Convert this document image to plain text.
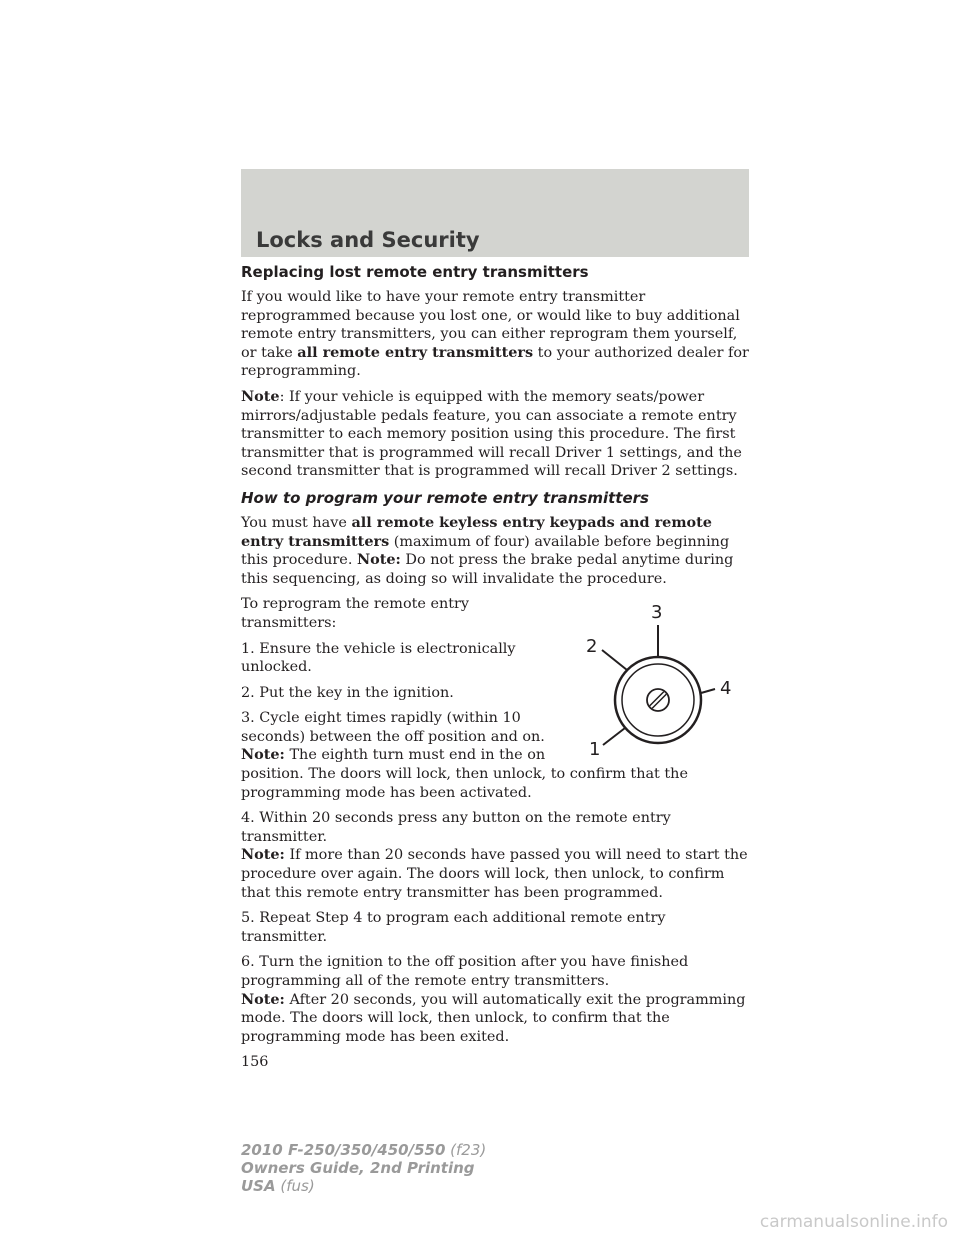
Locks and Security
Replacing lost remote entry transmitters

If you would like to have your remote entry transmitter reprogrammed because you lost one, or would like to buy additional remote entry transmitters, you can either reprogram them yourself, or take all remote entry transmitters to your authorized dealer for reprogramming.

Note: If your vehicle is equipped with the memory seats/power mirrors/adjustable pedals feature, you can associate a remote entry transmitter to each memory position using this procedure. The first transmitter that is programmed will recall Driver 1 settings, and the second transmitter that is programmed will recall Driver 2 settings.

How to program your remote entry transmitters

You must have all remote keyless entry keypads and remote entry transmitters (maximum of four) available before beginning this procedure. Note: Do not press the brake pedal anytime during this sequencing, as doing so will invalidate the procedure.

1
2
3
4

To reprogram the remote entry transmitters:

1. Ensure the vehicle is electronically unlocked.

2. Put the key in the ignition.

3. Cycle eight times rapidly (within 10 seconds) between the off position and on.
Note: The eighth turn must end in the on position. The doors will lock, then unlock, to confirm that the programming mode has been activated.

4. Within 20 seconds press any button on the remote entry transmitter.
Note: If more than 20 seconds have passed you will need to start the procedure over again. The doors will lock, then unlock, to confirm that this remote entry transmitter has been programmed.

5. Repeat Step 4 to program each additional remote entry transmitter.

6. Turn the ignition to the off position after you have finished programming all of the remote entry transmitters.
Note: After 20 seconds, you will automatically exit the programming mode. The doors will lock, then unlock, to confirm that the programming mode has been exited.

156
2010 F-250/350/450/550 (f23)
Owners Guide, 2nd Printing
USA (fus)
carmanualsonline.info
